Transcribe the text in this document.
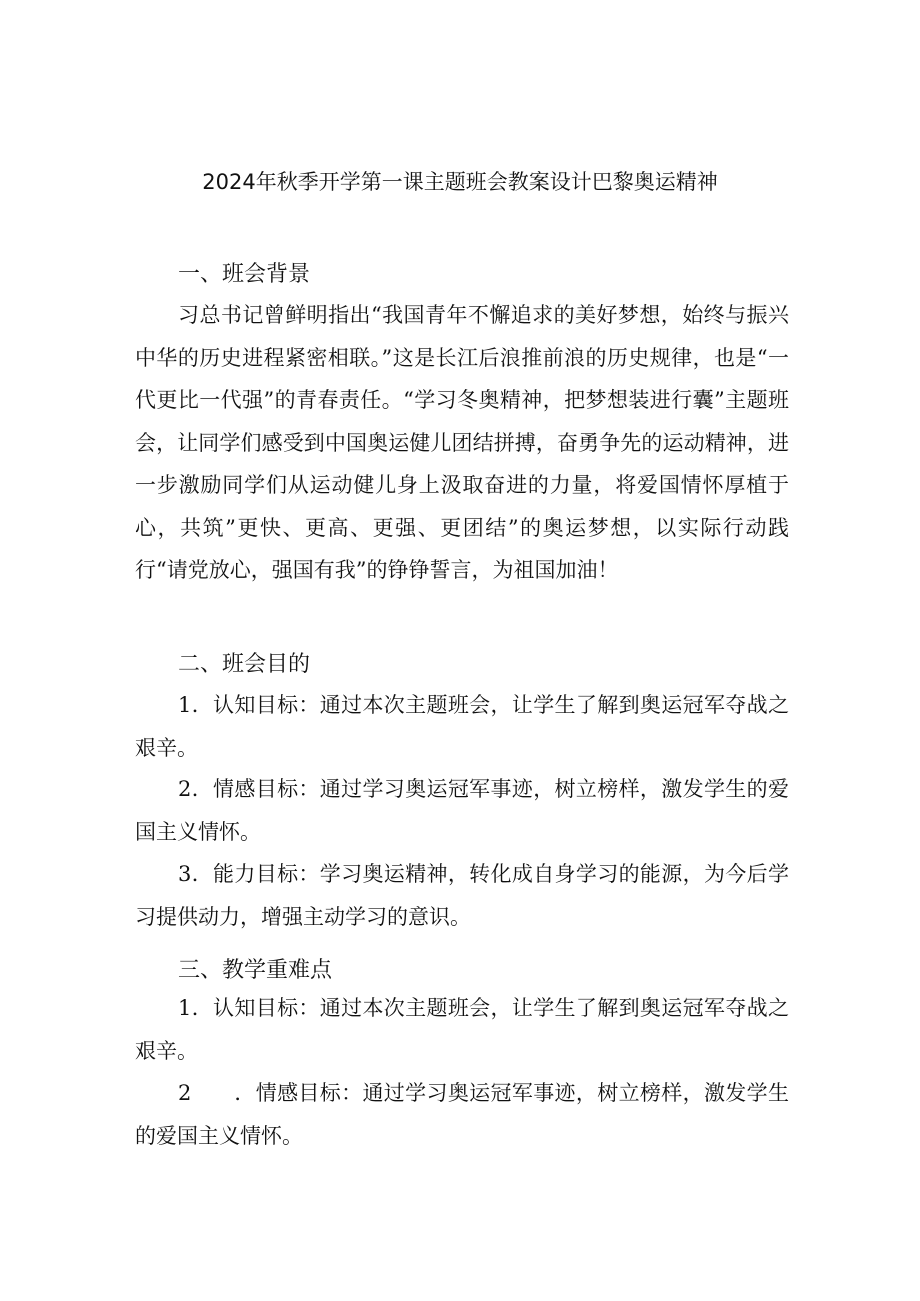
2024年秋季开学第一课主题班会教案设计巴黎奥运精神
一、班会背景

习总书记曾鲜明指出“我国青年不懈追求的美好梦想，始终与振兴中华的历史进程紧密相联。”这是长江后浪推前浪的历史规律，也是“一代更比一代强”的青春责任。“学习冬奥精神，把梦想装进行囊”主题班会，让同学们感受到中国奥运健儿团结拼搏，奋勇争先的运动精神，进一步激励同学们从运动健儿身上汲取奋进的力量，将爱国情怀厚植于心，共筑”更快、更高、更强、更团结”的奥运梦想，以实际行动践行“请党放心，强国有我”的铮铮誓言，为祖国加油！

二、班会目的

1．认知目标：通过本次主题班会，让学生了解到奥运冠军夺战之艰辛。

2．情感目标：通过学习奥运冠军事迹，树立榜样，激发学生的爱国主义情怀。

3．能力目标：学习奥运精神，转化成自身学习的能源，为今后学习提供动力，增强主动学习的意识。

三、教学重难点

1．认知目标：通过本次主题班会，让学生了解到奥运冠军夺战之艰辛。

2　　．情感目标：通过学习奥运冠军事迹，树立榜样，激发学生的爱国主义情怀。
